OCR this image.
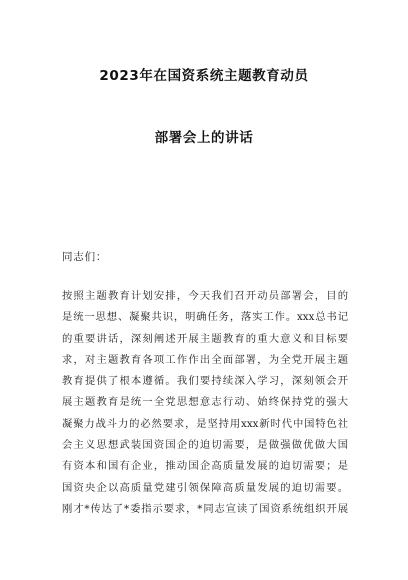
2023年在国资系统主题教育动员
部署会上的讲话
同志们：
按照主题教育计划安排，今天我们召开动员部署会，目的
是统一思想、凝聚共识，明确任务，落实工作。xxx总书记
的重要讲话，深刻阐述开展主题教育的重大意义和目标要
求，对主题教育各项工作作出全面部署，为全党开展主题
教育提供了根本遵循。我们要持续深入学习，深刻领会开
展主题教育是统一全党思想意志行动、始终保持党的强大
凝聚力战斗力的必然要求，是坚持用xxx新时代中国特色社
会主义思想武装国资国企的迫切需要，是做强做优做大国
有资本和国有企业，推动国企高质量发展的迫切需要；是
国资央企以高质量党建引领保障高质量发展的迫切需要。
刚才*传达了*委指示要求，*同志宣读了国资系统组织开展
